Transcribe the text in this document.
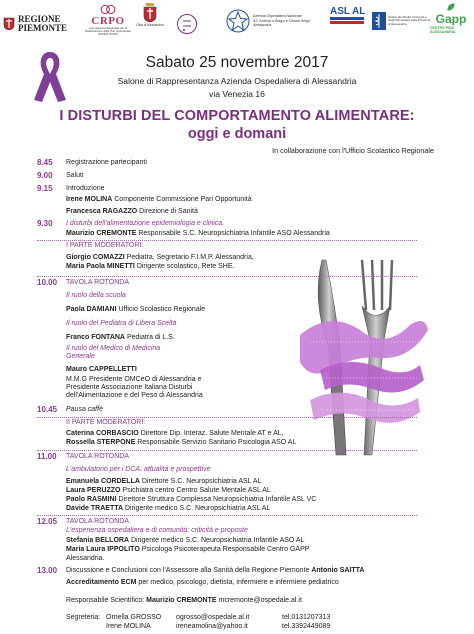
REGIONE
PIEMONTE
CRPO
Commissione Regionale per la Realizzazione delle Pari Opportunità DONNA UOMO
Città di Alessandria
Azienda Ospedaliera Nazionale
SS. Antonio e Biagio e Cesare Arrigo
Alessandria
ASL AL	Ordine dei Medici Chirurghi e degli Odontoiatri della Provincia di Alessandria	Gapp
CENTRO PSIA ALESSANDRIA
Sabato 25 novembre 2017
Salone di Rappresentanza Azienda Ospedaliera di Alessandria
via Venezia 16
I DISTURBI DEL COMPORTAMENTO ALIMENTARE:
oggi e domani
In collaborazione con l'Ufficio Scolastico Regionale
8.45 Registrazione partecipanti
9.00 Saluti
9.15 Introduzione
Irene MOLINA Componente Commissione Pari Opportunità
Francesca RAGAZZO Direzione di Sanità
9.30 I disturbi dell'alimentazione epidemiologia e clinica.
Maurizio CREMONTE Responsabile S.C. Neuropsichiatria Infantile ASO Alessandria
I PARTE MODERATORI:
Giorgio COMAZZI Pediatra, Segretario F.I.M.P. Alessandria,
Maria Paola MINETTI Dirigente scolastico, Rete SHE.
10.00 TAVOLA ROTONDA
Il ruolo della scuola
Paola DAMIANI Ufficio Scolastico Regionale
Il ruolo del Pediatra di Libera Scelta
Franco FONTANA Pediatra di L.S.
Il ruolo del Medico di Medicina
Generale
Mauro CAPPELLETTI
M.M.G Presidente OMCeO di Alessandria e
Presidente Associazione Italiana Disturbi
dell'Alimentazione e del Peso di Alessandria
10.45 Pausa caffè
II PARTE MODERATORI:
Caterina CORBASCIO Direttore Dip. Interaz. Salute Mentale AT e AL,
Rossella STERPONE Responsabile Servizio Sanitario Psicologia ASO AL
11.00 TAVOLA ROTONDA
L'ambulatorio per i DCA: attualità e prospettive
Emanuela CORDELLA Direttore S.C. Neuropsichiatria ASL AL
Laura PERUZZO Psichiatra centro Centro Salute Mentale ASL AL
Paolo RASMINI Direttore Struttura Complessa Neuropsichiatria Infantile ASL VC
Davide TRAETTA Dirigente medico S.C. Neuropsichiatria ASL AL
12.05 TAVOLA ROTONDA
L'esperienza ospedaliera e di comunità: criticità e proposte
Stefania BELLORA Dirigente medico S.C. Neuropsichiatria Infantile ASO AL
Maria Laura IPPOLITO Psicologa Psicoterapeuta Responsabile Centro GAPP
Alessandria.
13.00 Discussione e Conclusioni con l'Assessore alla Sanità della Regione Piemonte Antonio SAITTA
Accreditamento ECM per medico, psicologo, dietista, infermiere e infermiere pediatrico
Responsabile Scientifico: Maurizio CREMONTE mcremonte@ospedale.al.it
Segreteria: Ornella GROSSO ogrosso@ospedale.al.it	tel.0131207313
Irene MOLINA	ireneamolina@yahoo.it	tel.3392449089
